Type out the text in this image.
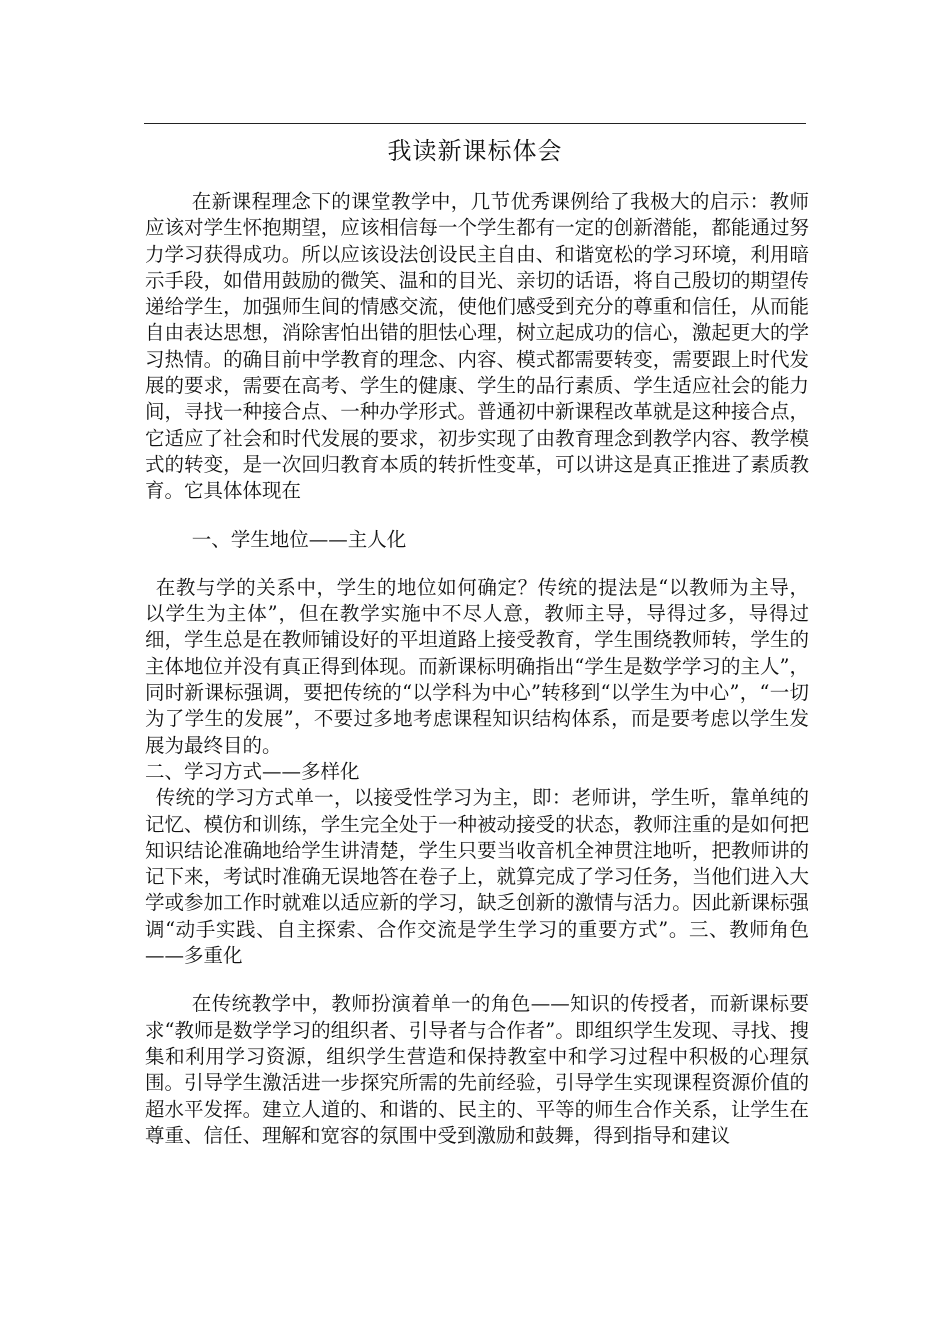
我读新课标体会

在新课程理念下的课堂教学中，几节优秀课例给了我极大的启示：教师应该对学生怀抱期望，应该相信每一个学生都有一定的创新潜能，都能通过努力学习获得成功。所以应该设法创设民主自由、和谐宽松的学习环境，利用暗示手段，如借用鼓励的微笑、温和的目光、亲切的话语，将自己殷切的期望传递给学生，加强师生间的情感交流，使他们感受到充分的尊重和信任，从而能自由表达思想，消除害怕出错的胆怯心理，树立起成功的信心，激起更大的学习热情。的确目前中学教育的理念、内容、模式都需要转变，需要跟上时代发展的要求，需要在高考、学生的健康、学生的品行素质、学生适应社会的能力间，寻找一种接合点、一种办学形式。普通初中新课程改革就是这种接合点，它适应了社会和时代发展的要求，初步实现了由教育理念到教学内容、教学模式的转变，是一次回归教育本质的转折性变革，可以讲这是真正推进了素质教育。它具体体现在

一、学生地位——主人化

在教与学的关系中，学生的地位如何确定？传统的提法是“以教师为主导，以学生为主体”，但在教学实施中不尽人意，教师主导，导得过多，导得过细，学生总是在教师铺设好的平坦道路上接受教育，学生围绕教师转，学生的主体地位并没有真正得到体现。而新课标明确指出“学生是数学学习的主人”，同时新课标强调，要把传统的“以学科为中心”转移到“以学生为中心”，“一切为了学生的发展”，不要过多地考虑课程知识结构体系，而是要考虑以学生发展为最终目的。

二、学习方式——多样化

传统的学习方式单一，以接受性学习为主，即：老师讲，学生听，靠单纯的记忆、模仿和训练，学生完全处于一种被动接受的状态，教师注重的是如何把知识结论准确地给学生讲清楚，学生只要当收音机全神贯注地听，把教师讲的记下来，考试时准确无误地答在卷子上，就算完成了学习任务，当他们进入大学或参加工作时就难以适应新的学习，缺乏创新的激情与活力。因此新课标强调“动手实践、自主探索、合作交流是学生学习的重要方式”。三、教师角色——多重化

在传统教学中，教师扮演着单一的角色——知识的传授者，而新课标要求“教师是数学学习的组织者、引导者与合作者”。即组织学生发现、寻找、搜集和利用学习资源，组织学生营造和保持教室中和学习过程中积极的心理氛围。引导学生激活进一步探究所需的先前经验，引导学生实现课程资源价值的超水平发挥。建立人道的、和谐的、民主的、平等的师生合作关系，让学生在尊重、信任、理解和宽容的氛围中受到激励和鼓舞，得到指导和建议
